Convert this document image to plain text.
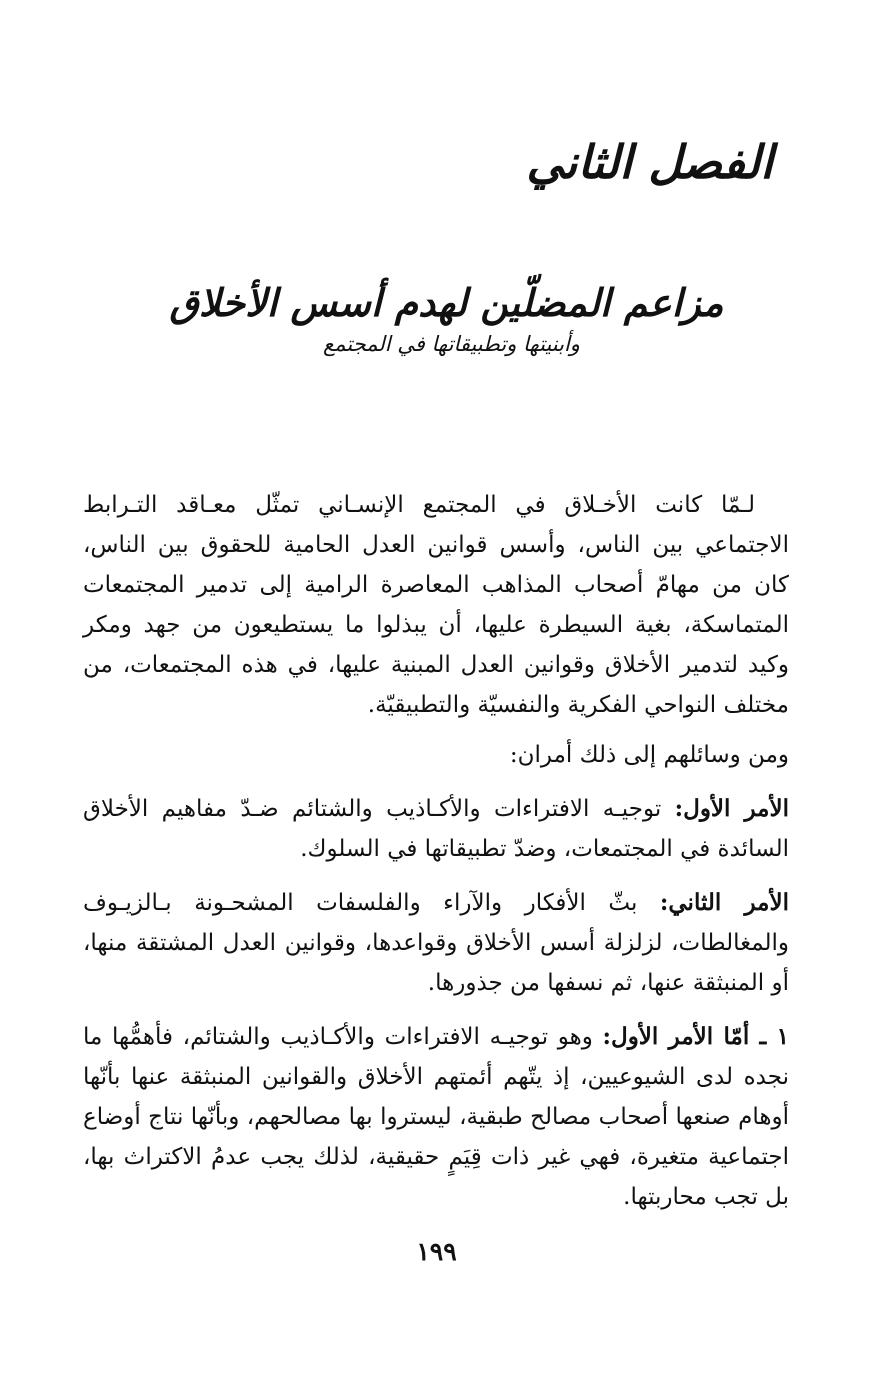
الفصل الثاني
مزاعم المضلّين لهدم أسس الأخلاق
وأبنيتها وتطبيقاتها في المجتمع

لـمّا كانت الأخـلاق في المجتمع الإنسـاني تمثّل معـاقد التـرابط الاجتماعي بين الناس، وأسس قوانين العدل الحامية للحقوق بين الناس، كان من مهامّ أصحاب المذاهب المعاصرة الرامية إلى تدمير المجتمعات المتماسكة، بغية السيطرة عليها، أن يبذلوا ما يستطيعون من جهد ومكر وكيد لتدمير الأخلاق وقوانين العدل المبنية عليها، في هذه المجتمعات، من مختلف النواحي الفكرية والنفسيّة والتطبيقيّة.

ومن وسائلهم إلى ذلك أمران:

الأمر الأول: توجيـه الافتراءات والأكـاذيب والشتائم ضـدّ مفاهيم الأخلاق السائدة في المجتمعات، وضدّ تطبيقاتها في السلوك.

الأمر الثاني: بثّ الأفكار والآراء والفلسفات المشحـونة بـالزيـوف والمغالطات، لزلزلة أسس الأخلاق وقواعدها، وقوانين العدل المشتقة منها، أو المنبثقة عنها، ثم نسفها من جذورها.

١ ـ أمّا الأمر الأول: وهو توجيـه الافتراءات والأكـاذيب والشتائم، فأهمُّها ما نجده لدى الشيوعيين، إذ يتّهم أئمتهم الأخلاق والقوانين المنبثقة عنها بأنّها أوهام صنعها أصحاب مصالح طبقية، ليستروا بها مصالحهم، وبأنّها نتاج أوضاع اجتماعية متغيرة، فهي غير ذات قِيَمٍ حقيقية، لذلك يجب عدمُ الاكتراث بها، بل تجب محاربتها.

١٩٩
